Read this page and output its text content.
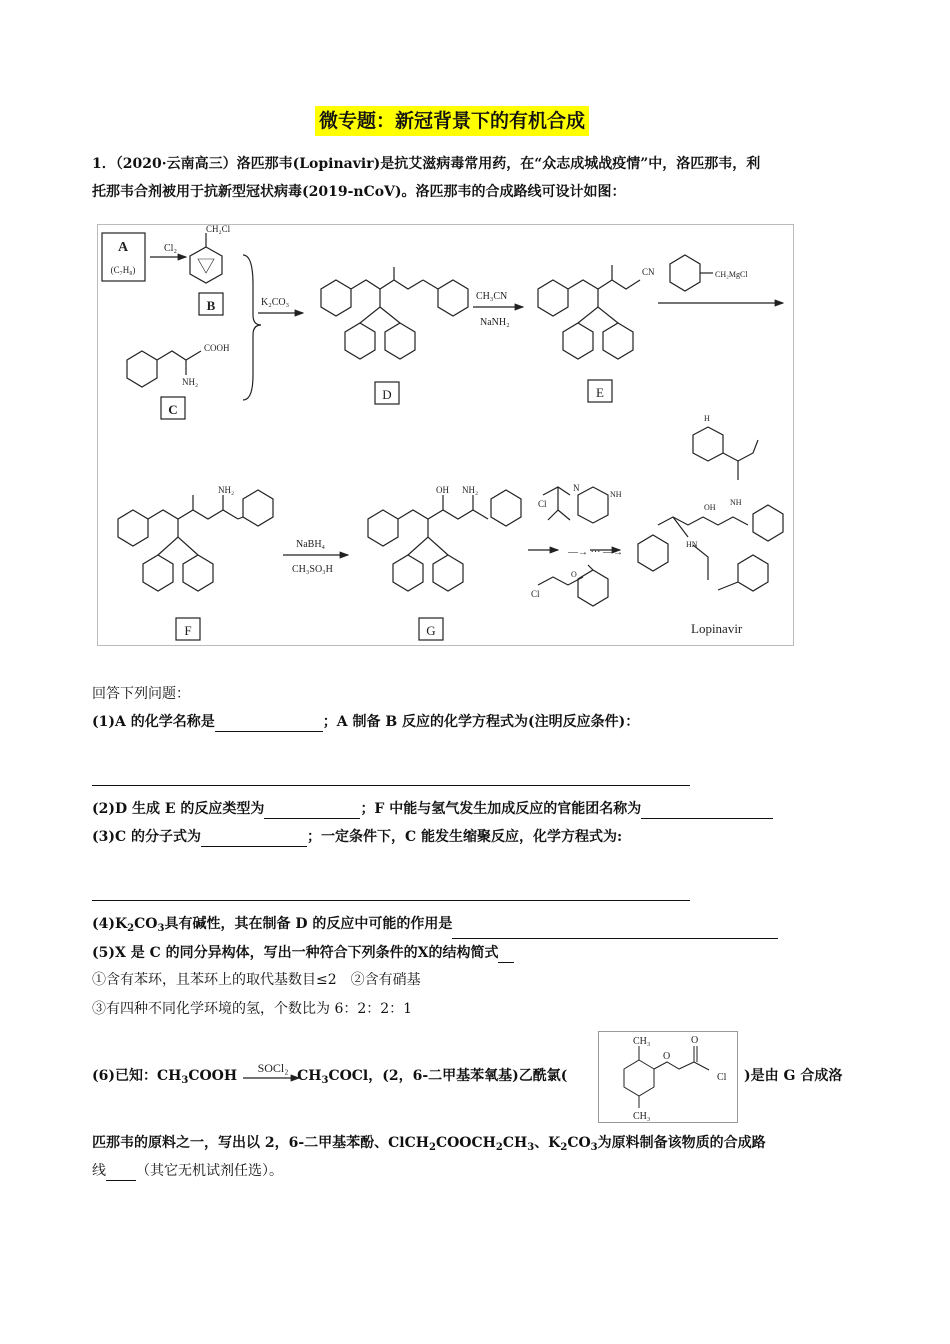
微专题：新冠背景下的有机合成
1．（2020·云南高三）洛匹那韦(Lopinavir)是抗艾滋病毒常用药，在“众志成城战疫情”中，洛匹那韦，利
托那韦合剂被用于抗新型冠状病毒(2019-nCoV)。洛匹那韦的合成路线可设计如图：
A
(C₇H₈)
Cl₂
CH₂Cl
B
COOH
NH₂
C
K₂CO₃
D
CH₃CN
NaNH₂
CN
E
CH₂MgCl
NH₂
F
NaBH₄
CH₃SO₃H
OH NH₂
G
Cl
N
NH
—→ ··· —→
Cl
O
H
OH
NH
HN
Lopinavir
回答下列问题：
(1)A 的化学名称是	；A 制备 B 反应的化学方程式为(注明反应条件)：
(2)D 生成 E 的反应类型为	；F 中能与氢气发生加成反应的官能团名称为
(3)C 的分子式为	；一定条件下，C 能发生缩聚反应，化学方程式为:
$(4)K_2CO_3$具有碱性，其在制备 D 的反应中可能的作用是
(5)X 是 C 的同分异构体，写出一种符合下列条件的X的结构简式
①含有苯环，且苯环上的取代基数目≤2　②含有硝基
③有四种不同化学环境的氢，个数比为 6：2：2：1
(6)已知：$CH_3COOH$	$CH_3COCl$，(2，6-二甲基苯氧基)乙酰氯(
SOCl₂
CH₃
CH₃
O
O
Cl )是由 G 合成洛
匹那韦的原料之一，写出以 2，6-二甲基苯酚、$ClCH_2COOCH_2CH_3$、$K_2CO_3$为原料制备该物质的合成路
线 （其它无机试剂任选）。
